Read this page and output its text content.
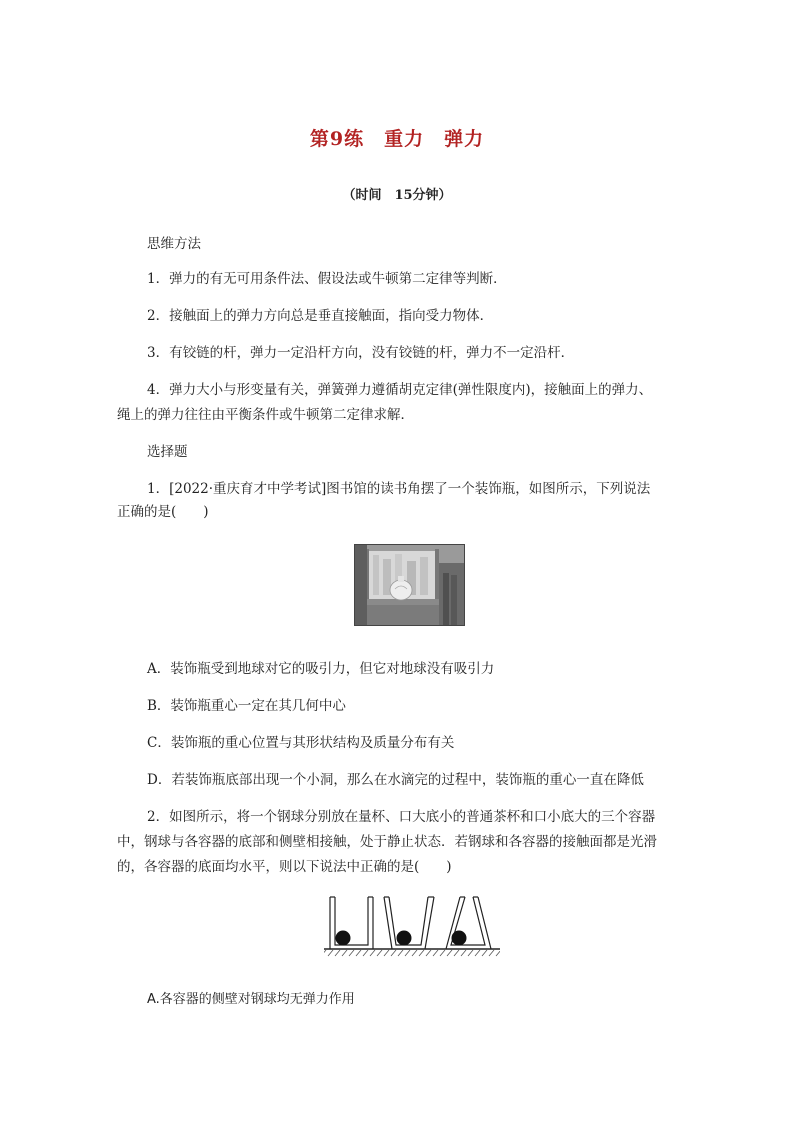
第9练　重力　弹力
（时间　15分钟）
思维方法
1．弹力的有无可用条件法、假设法或牛顿第二定律等判断．
2．接触面上的弹力方向总是垂直接触面，指向受力物体．
3．有铰链的杆，弹力一定沿杆方向，没有铰链的杆，弹力不一定沿杆．
4．弹力大小与形变量有关，弹簧弹力遵循胡克定律(弹性限度内)，接触面上的弹力、
绳上的弹力往往由平衡条件或牛顿第二定律求解．
选择题
1．[2022·重庆育才中学考试]图书馆的读书角摆了一个装饰瓶，如图所示，下列说法
正确的是(　　)
A．装饰瓶受到地球对它的吸引力，但它对地球没有吸引力
B．装饰瓶重心一定在其几何中心
C．装饰瓶的重心位置与其形状结构及质量分布有关
D．若装饰瓶底部出现一个小洞，那么在水滴完的过程中，装饰瓶的重心一直在降低
2．如图所示，将一个钢球分别放在量杯、口大底小的普通茶杯和口小底大的三个容器
中，钢球与各容器的底部和侧壁相接触，处于静止状态．若钢球和各容器的接触面都是光滑
的，各容器的底面均水平，则以下说法中正确的是(　　)
A.各容器的侧壁对钢球均无弹力作用
